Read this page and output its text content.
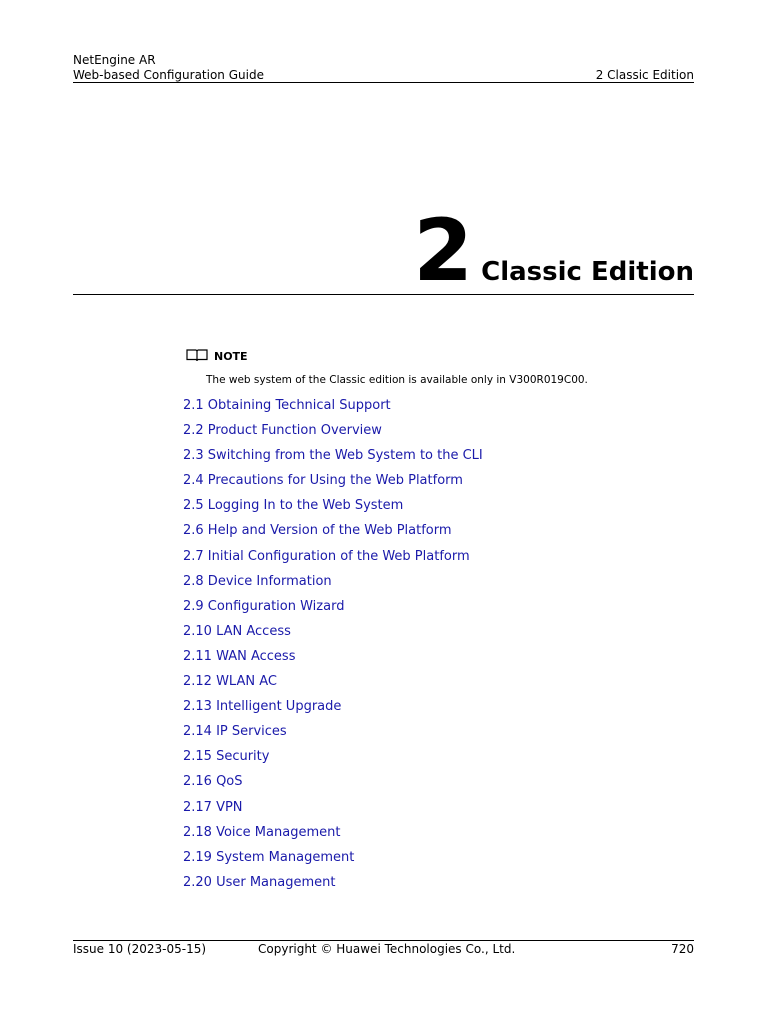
NetEngine AR
Web-based Configuration Guide	2 Classic Edition
2 Classic Edition
NOTE
The web system of the Classic edition is available only in V300R019C00.
2.1 Obtaining Technical Support
2.2 Product Function Overview
2.3 Switching from the Web System to the CLI
2.4 Precautions for Using the Web Platform
2.5 Logging In to the Web System
2.6 Help and Version of the Web Platform
2.7 Initial Configuration of the Web Platform
2.8 Device Information
2.9 Configuration Wizard
2.10 LAN Access
2.11 WAN Access
2.12 WLAN AC
2.13 Intelligent Upgrade
2.14 IP Services
2.15 Security
2.16 QoS
2.17 VPN
2.18 Voice Management
2.19 System Management
2.20 User Management
Issue 10 (2023-05-15)	Copyright © Huawei Technologies Co., Ltd.	720
